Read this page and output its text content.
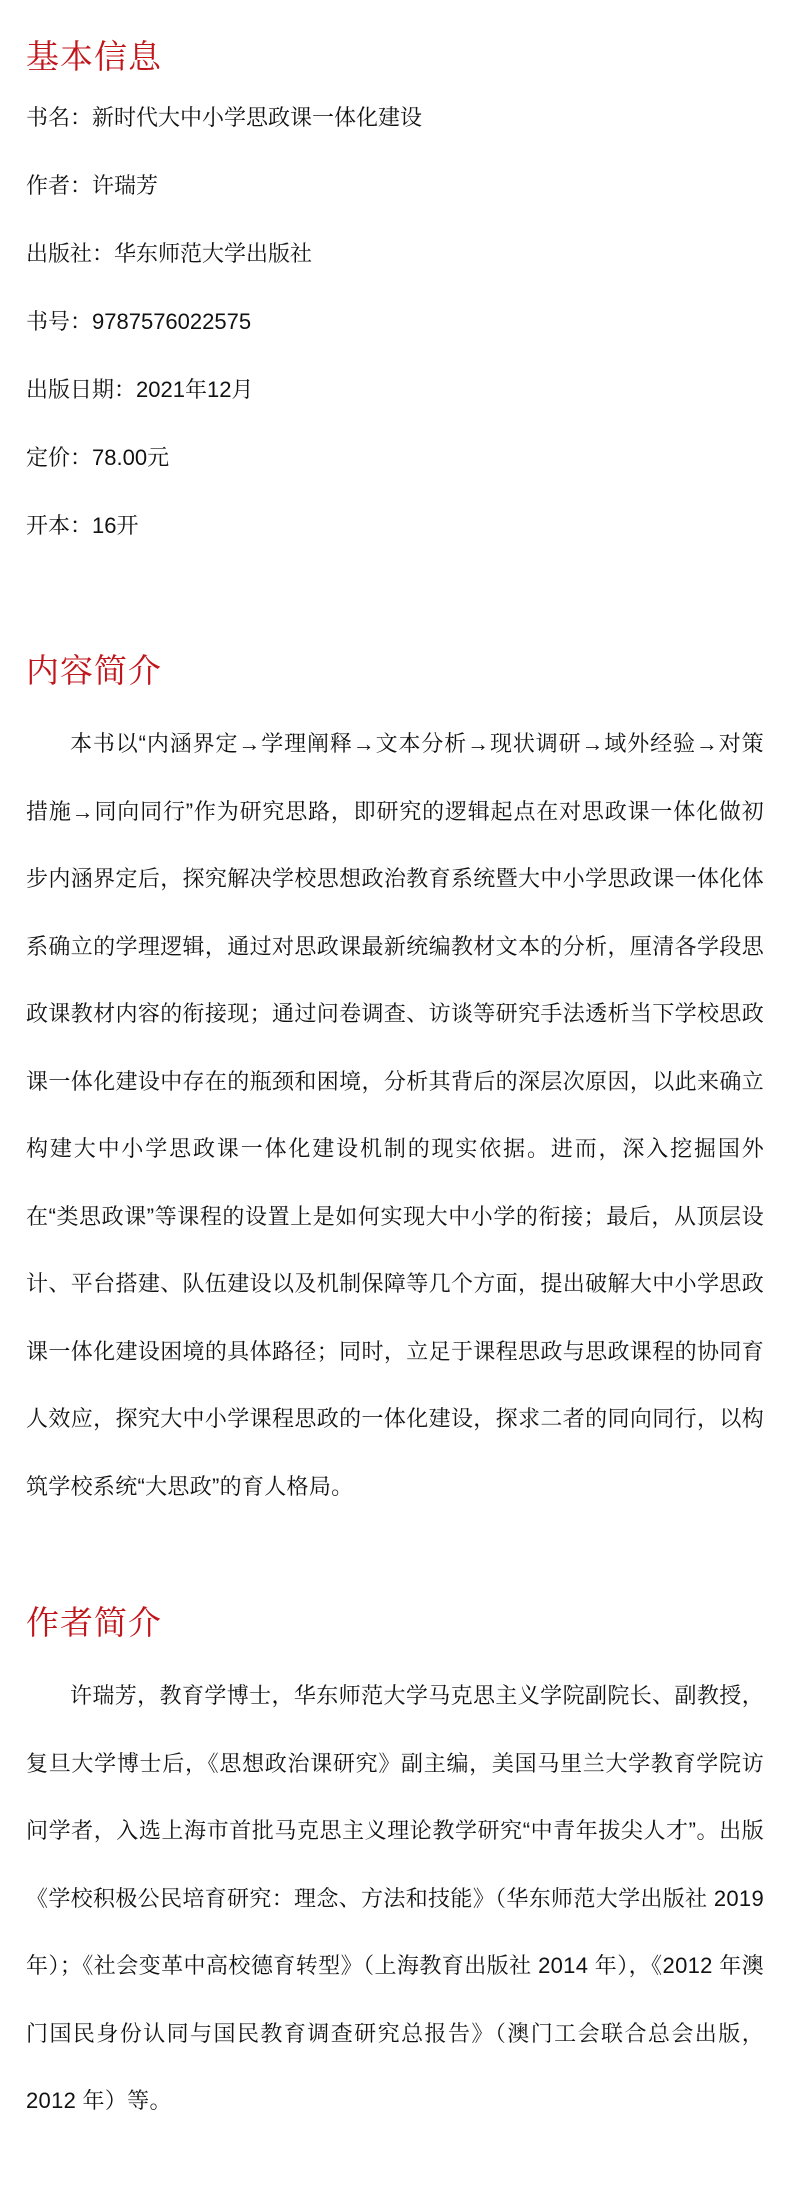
基本信息
书名：新时代大中小学思政课一体化建设
作者：许瑞芳
出版社：华东师范大学出版社
书号：9787576022575
出版日期：2021年12月
定价：78.00元
开本：16开
内容简介

本书以“内涵界定→学理阐释→文本分析→现状调研→域外经验→对策措施→同向同行”作为研究思路，即研究的逻辑起点在对思政课一体化做初步内涵界定后，探究解决学校思想政治教育系统暨大中小学思政课一体化体系确立的学理逻辑，通过对思政课最新统编教材文本的分析，厘清各学段思政课教材内容的衔接现；通过问卷调查、访谈等研究手法透析当下学校思政课一体化建设中存在的瓶颈和困境，分析其背后的深层次原因，以此来确立构建大中小学思政课一体化建设机制的现实依据。进而，深入挖掘国外在“类思政课”等课程的设置上是如何实现大中小学的衔接；最后，从顶层设计、平台搭建、队伍建设以及机制保障等几个方面，提出破解大中小学思政课一体化建设困境的具体路径；同时，立足于课程思政与思政课程的协同育人效应，探究大中小学课程思政的一体化建设，探求二者的同向同行，以构筑学校系统“大思政”的育人格局。

作者简介

许瑞芳，教育学博士，华东师范大学马克思主义学院副院长、副教授，复旦大学博士后，《思想政治课研究》副主编，美国马里兰大学教育学院访问学者，入选上海市首批马克思主义理论教学研究“中青年拔尖人才”。出版《学校积极公民培育研究：理念、方法和技能》（华东师范大学出版社 2019 年）；《社会变革中高校德育转型》（上海教育出版社 2014 年），《2012 年澳门国民身份认同与国民教育调查研究总报告》（澳门工会联合总会出版，2012 年）等。
